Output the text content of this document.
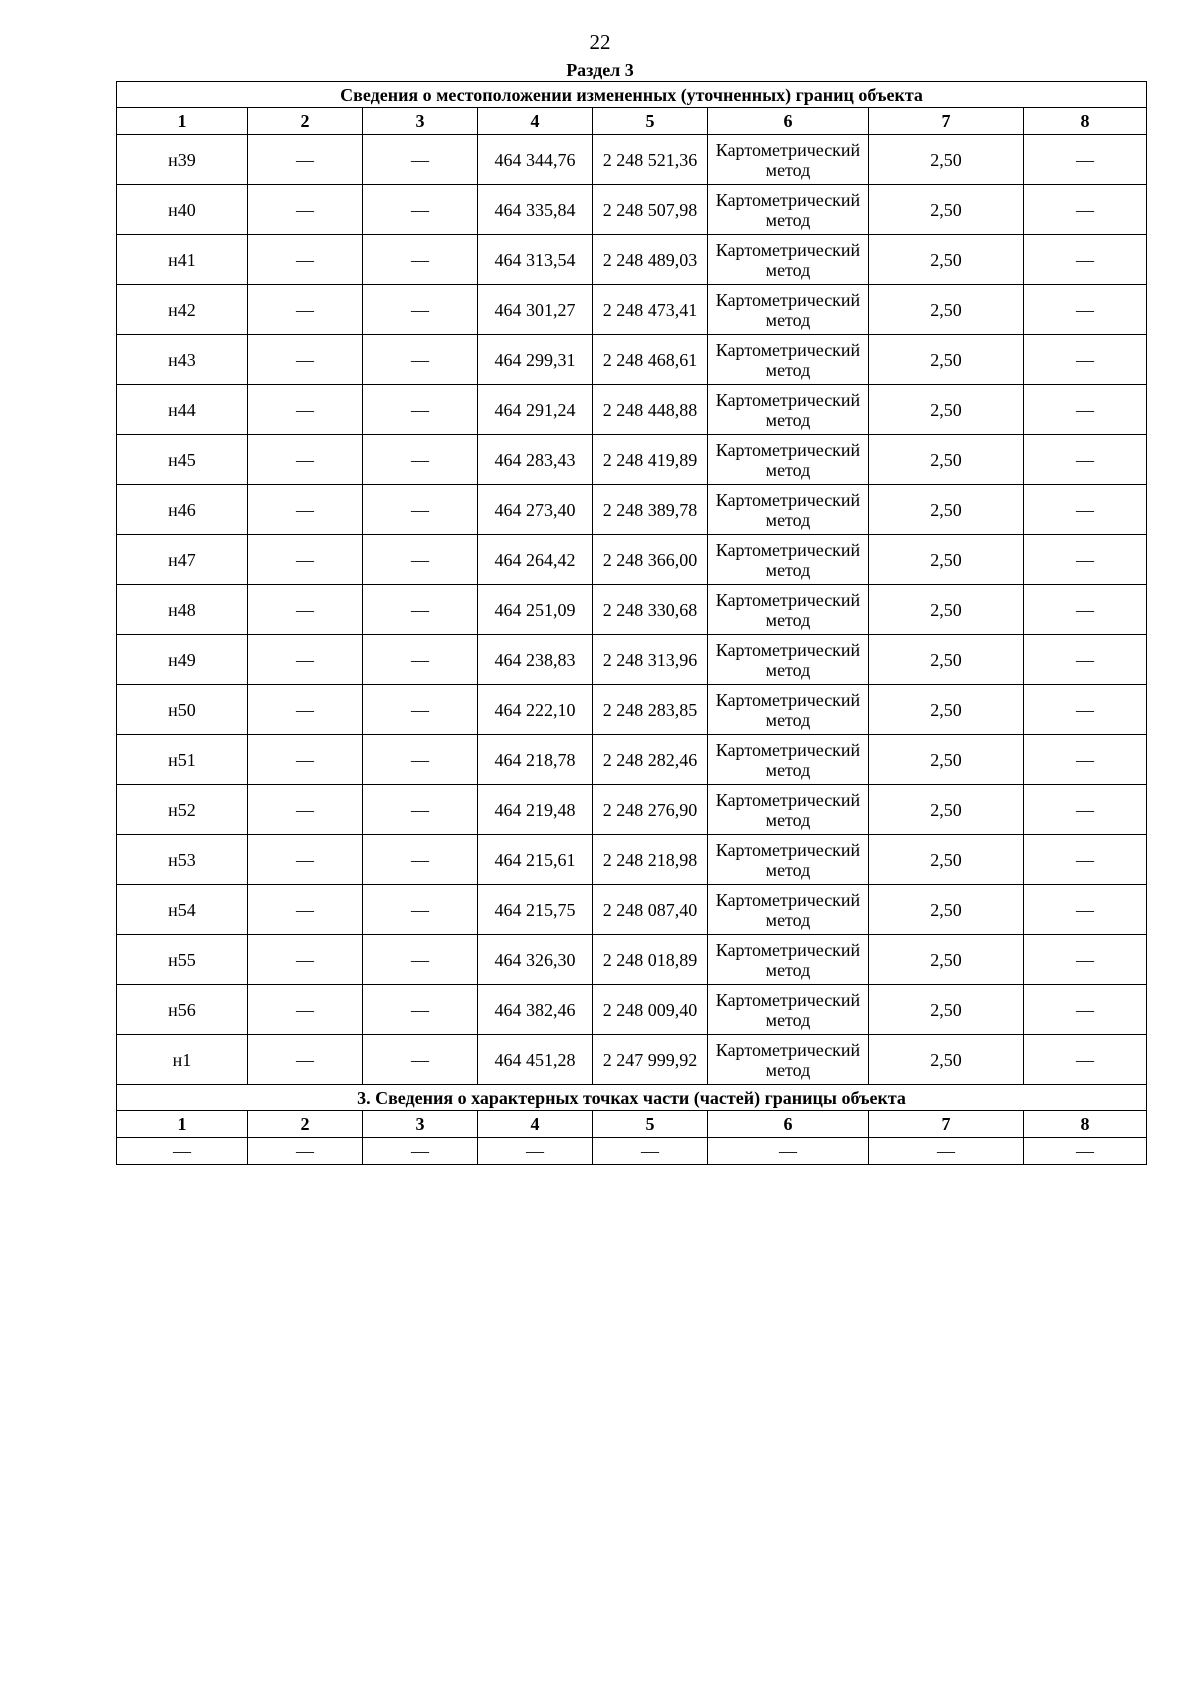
22
Раздел 3
Сведения о местоположении измененных (уточненных) границ объекта							
1	2	3	4	5	6	7	8
н39	—	—	464 344,76	2 248 521,36	Картометрический метод	2,50	—
н40	—	—	464 335,84	2 248 507,98	Картометрический метод	2,50	—
н41	—	—	464 313,54	2 248 489,03	Картометрический метод	2,50	—
н42	—	—	464 301,27	2 248 473,41	Картометрический метод	2,50	—
н43	—	—	464 299,31	2 248 468,61	Картометрический метод	2,50	—
н44	—	—	464 291,24	2 248 448,88	Картометрический метод	2,50	—
н45	—	—	464 283,43	2 248 419,89	Картометрический метод	2,50	—
н46	—	—	464 273,40	2 248 389,78	Картометрический метод	2,50	—
н47	—	—	464 264,42	2 248 366,00	Картометрический метод	2,50	—
н48	—	—	464 251,09	2 248 330,68	Картометрический метод	2,50	—
н49	—	—	464 238,83	2 248 313,96	Картометрический метод	2,50	—
н50	—	—	464 222,10	2 248 283,85	Картометрический метод	2,50	—
н51	—	—	464 218,78	2 248 282,46	Картометрический метод	2,50	—
н52	—	—	464 219,48	2 248 276,90	Картометрический метод	2,50	—
н53	—	—	464 215,61	2 248 218,98	Картометрический метод	2,50	—
н54	—	—	464 215,75	2 248 087,40	Картометрический метод	2,50	—
н55	—	—	464 326,30	2 248 018,89	Картометрический метод	2,50	—
н56	—	—	464 382,46	2 248 009,40	Картометрический метод	2,50	—
н1	—	—	464 451,28	2 247 999,92	Картометрический метод	2,50	—
3. Сведения о характерных точках части (частей) границы объекта							
1	2	3	4	5	6	7	8
—	—	—	—	—	—	—	—
